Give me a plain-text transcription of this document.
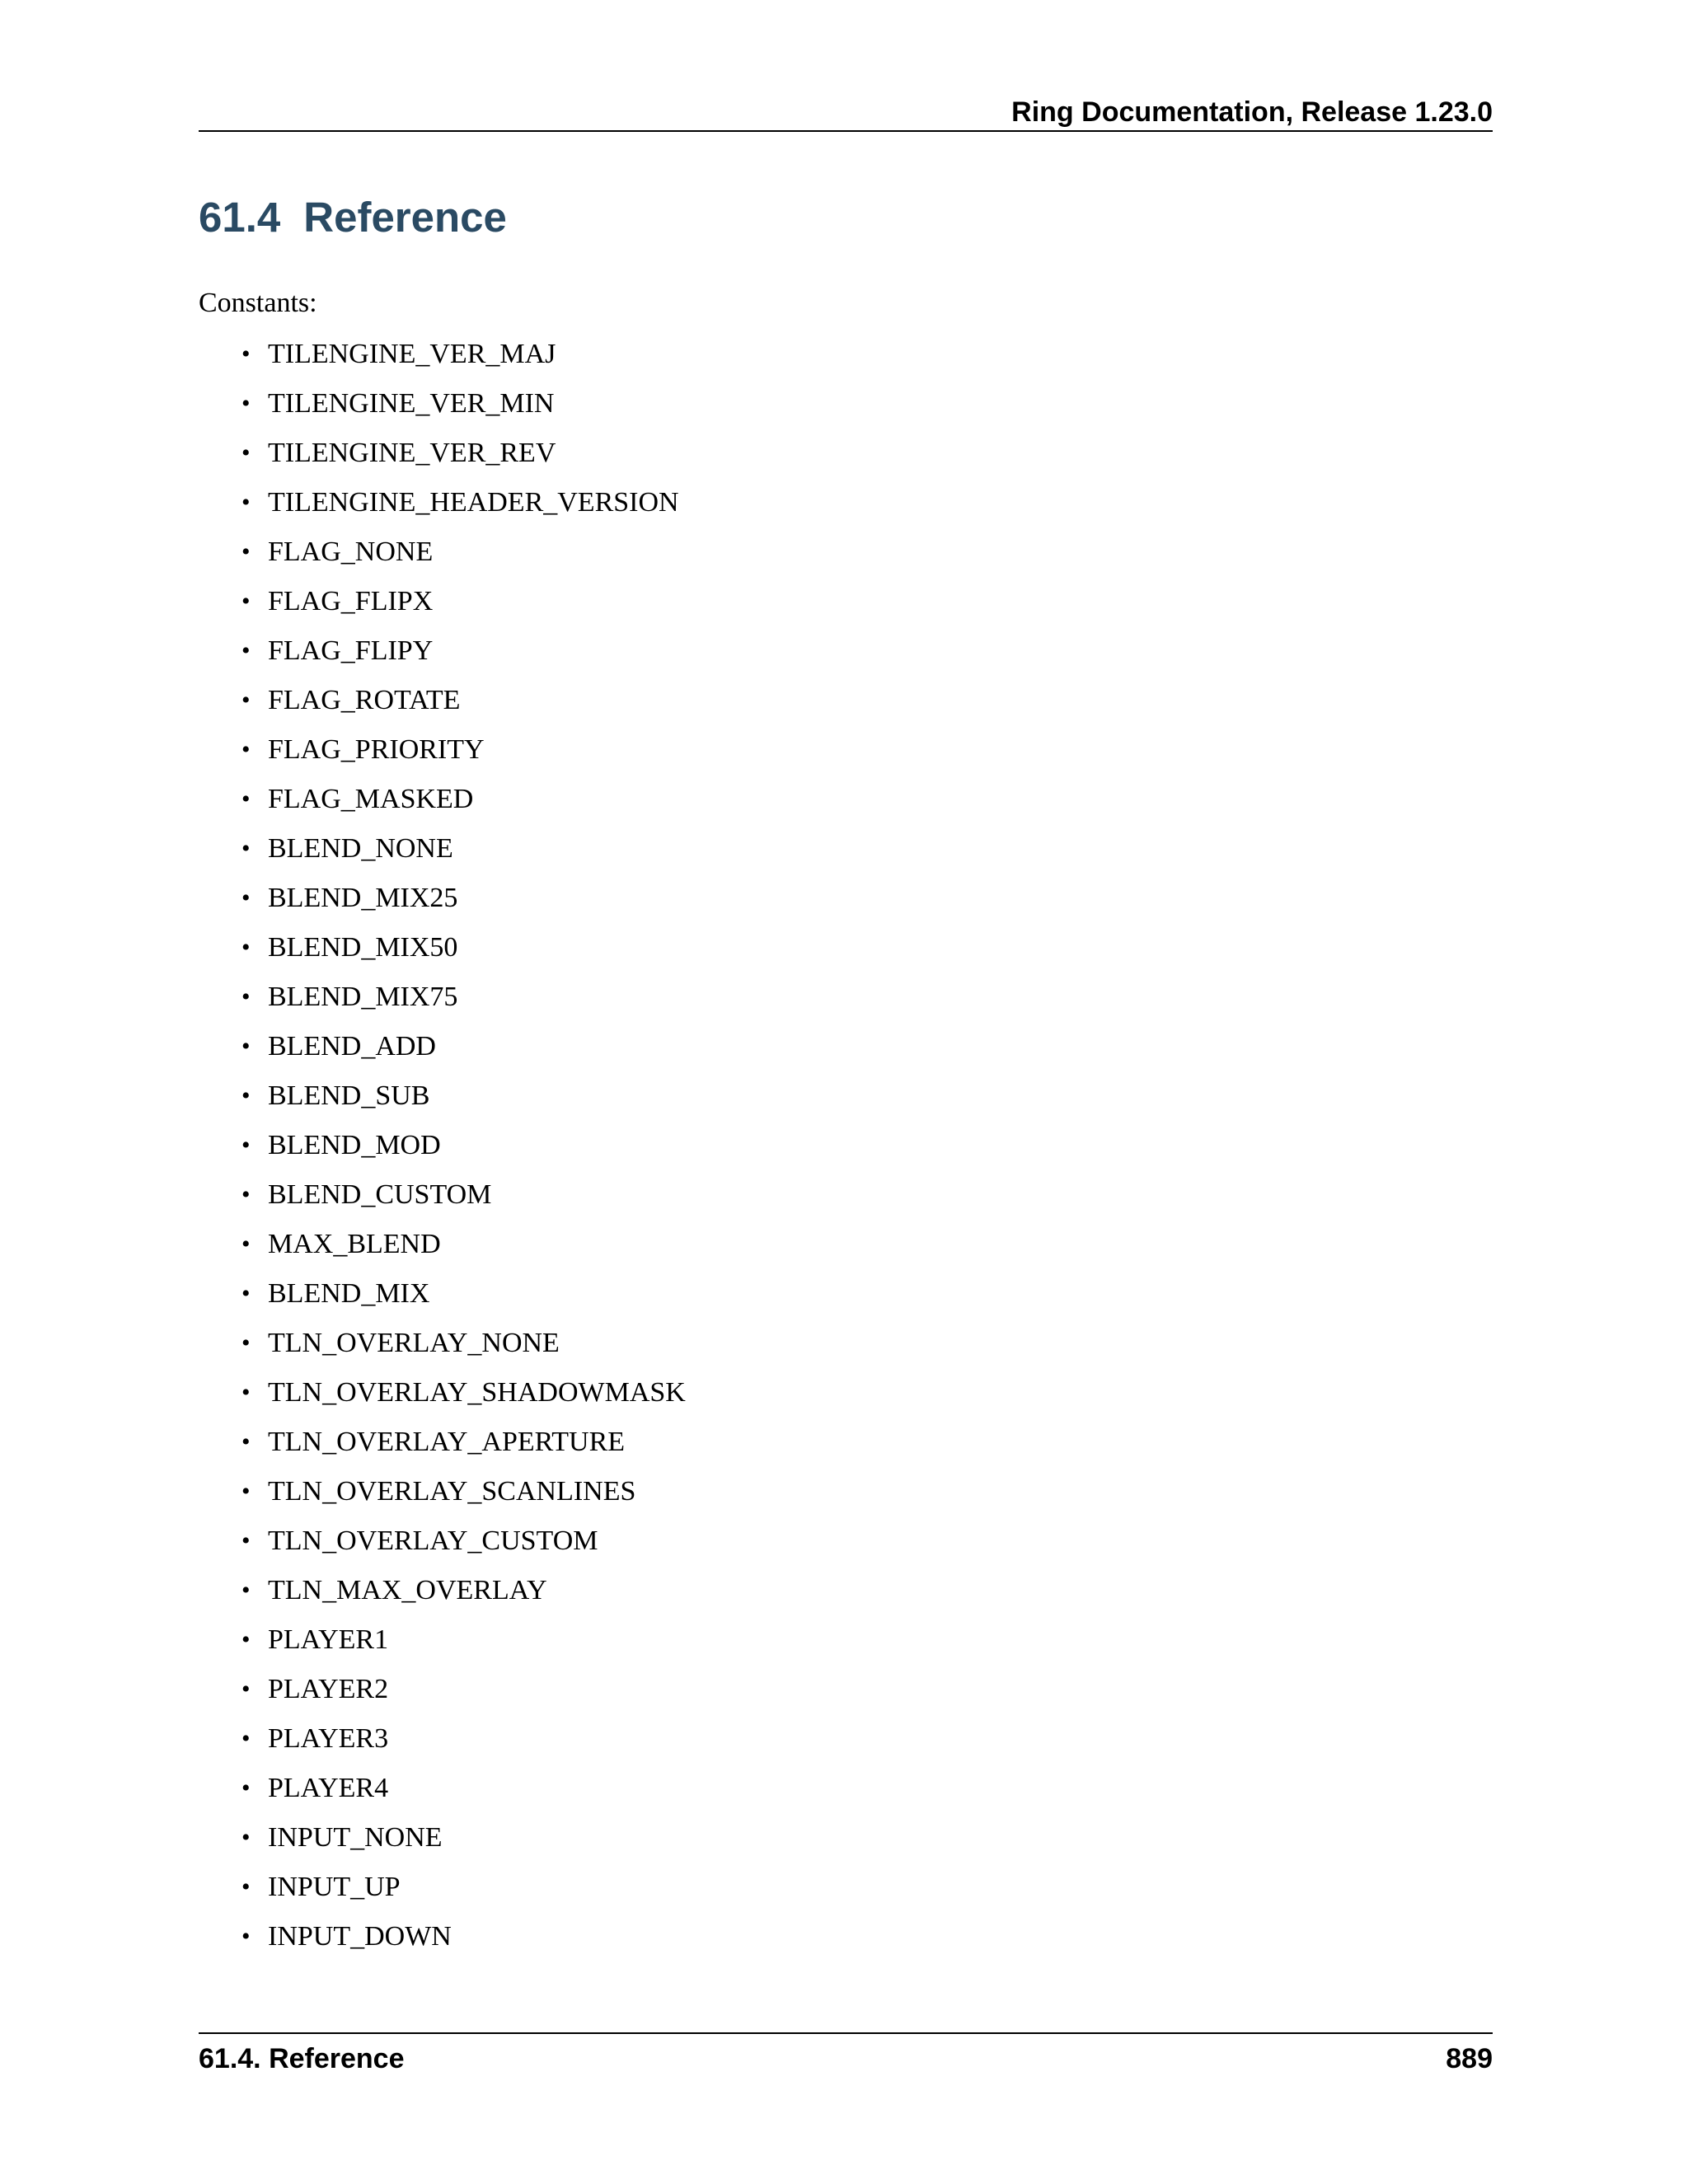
Ring Documentation, Release 1.23.0
61.4 Reference

Constants:

• TILENGINE_VER_MAJ
• TILENGINE_VER_MIN
• TILENGINE_VER_REV
• TILENGINE_HEADER_VERSION
• FLAG_NONE
• FLAG_FLIPX
• FLAG_FLIPY
• FLAG_ROTATE
• FLAG_PRIORITY
• FLAG_MASKED
• BLEND_NONE
• BLEND_MIX25
• BLEND_MIX50
• BLEND_MIX75
• BLEND_ADD
• BLEND_SUB
• BLEND_MOD
• BLEND_CUSTOM
• MAX_BLEND
• BLEND_MIX
• TLN_OVERLAY_NONE
• TLN_OVERLAY_SHADOWMASK
• TLN_OVERLAY_APERTURE
• TLN_OVERLAY_SCANLINES
• TLN_OVERLAY_CUSTOM
• TLN_MAX_OVERLAY
• PLAYER1
• PLAYER2
• PLAYER3
• PLAYER4
• INPUT_NONE
• INPUT_UP
• INPUT_DOWN
61.4. Reference	889
